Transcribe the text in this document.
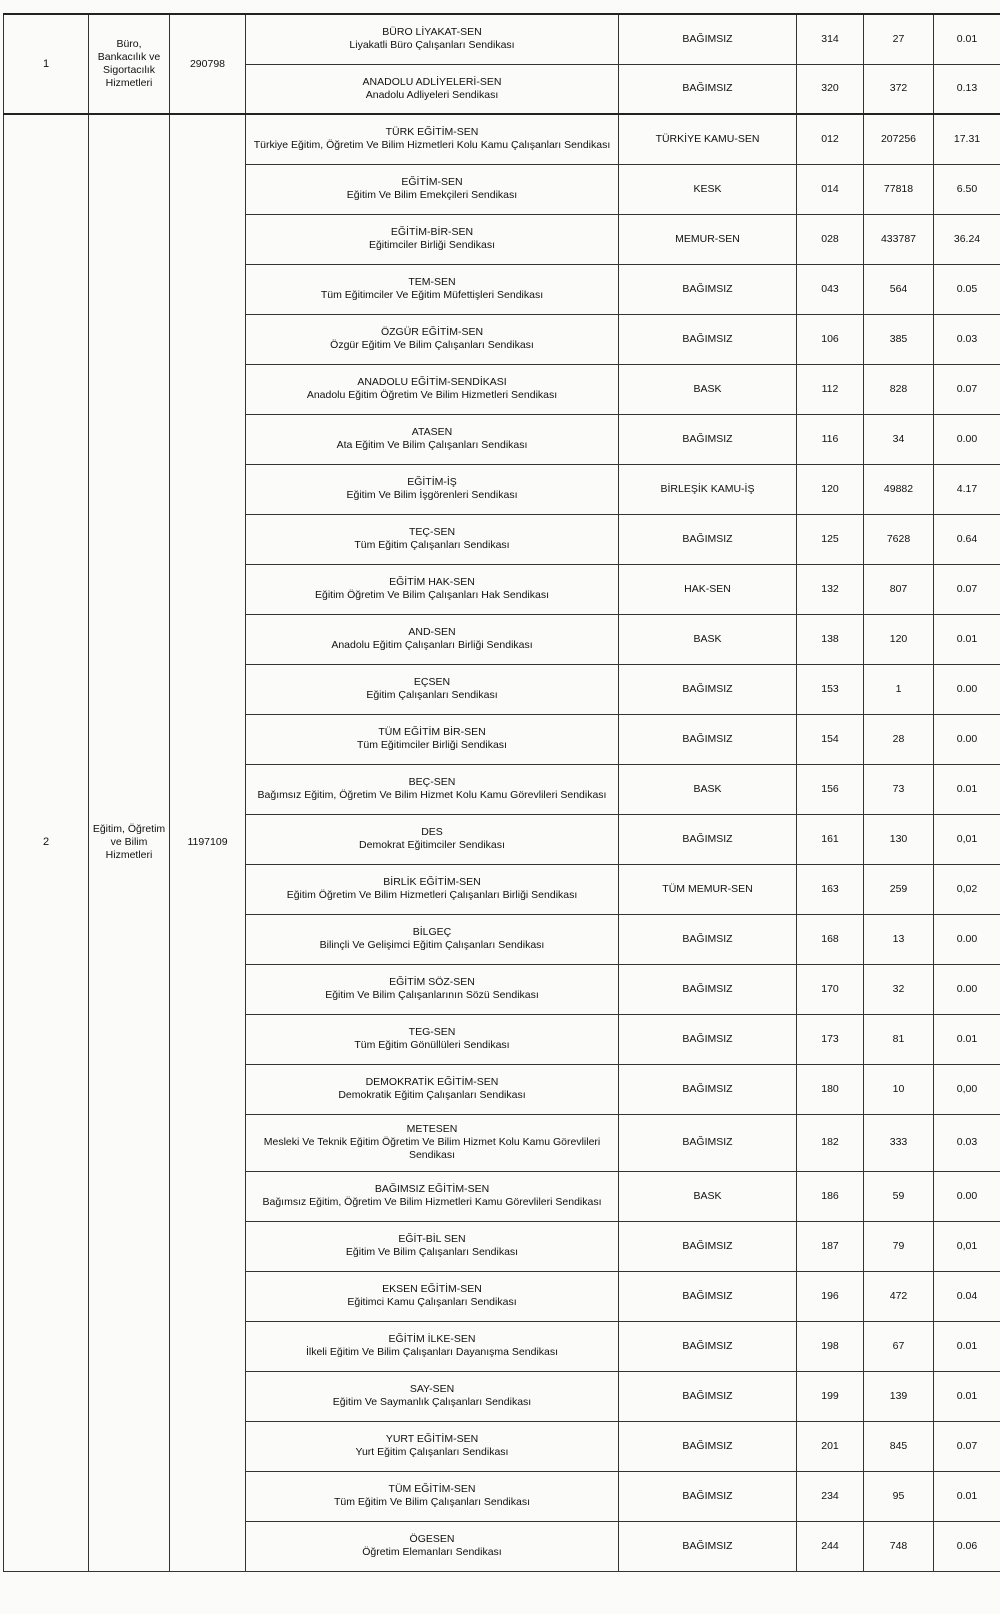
1	Büro, Bankacılık ve Sigortacılık Hizmetleri	290798	BÜRO LİYAKAT-SEN
Liyakatli Büro Çalışanları Sendikası	BAĞIMSIZ	314	27	0.01

			ANADOLU ADLİYELERİ-SEN
Anadolu Adliyeleri Sendikası	BAĞIMSIZ	320	372	0.13
2	Eğitim, Öğretim ve Bilim Hizmetleri	1197109	TÜRK EĞİTİM-SEN
Türkiye Eğitim, Öğretim Ve Bilim Hizmetleri Kolu Kamu Çalışanları Sendikası	TÜRKİYE KAMU-SEN	012	207256	17.31

			EĞİTİM-SEN
Eğitim Ve Bilim Emekçileri Sendikası	KESK	014	77818	6.50

			EĞİTİM-BİR-SEN
Eğitimciler Birliği Sendikası	MEMUR-SEN	028	433787	36.24

			TEM-SEN
Tüm Eğitimciler Ve Eğitim Müfettişleri Sendikası	BAĞIMSIZ	043	564	0.05

			ÖZGÜR EĞİTİM-SEN
Özgür Eğitim Ve Bilim Çalışanları Sendikası	BAĞIMSIZ	106	385	0.03

			ANADOLU EĞİTİM-SENDİKASI
Anadolu Eğitim Öğretim Ve Bilim Hizmetleri Sendikası	BASK	112	828	0.07

			ATASEN
Ata Eğitim Ve Bilim Çalışanları Sendikası	BAĞIMSIZ	116	34	0.00

			EĞİTİM-İŞ
Eğitim Ve Bilim İşgörenleri Sendikası	BİRLEŞİK KAMU-İŞ	120	49882	4.17

			TEÇ-SEN
Tüm Eğitim Çalışanları Sendikası	BAĞIMSIZ	125	7628	0.64

			EĞİTİM HAK-SEN
Eğitim Öğretim Ve Bilim Çalışanları Hak Sendikası	HAK-SEN	132	807	0.07

			AND-SEN
Anadolu Eğitim Çalışanları Birliği Sendikası	BASK	138	120	0.01

			EÇSEN
Eğitim Çalışanları Sendikası	BAĞIMSIZ	153	1	0.00

			TÜM EĞİTİM BİR-SEN
Tüm Eğitimciler Birliği Sendikası	BAĞIMSIZ	154	28	0.00

			BEÇ-SEN
Bağımsız Eğitim, Öğretim Ve Bilim Hizmet Kolu Kamu Görevlileri Sendikası	BASK	156	73	0.01

			DES
Demokrat Eğitimciler Sendikası	BAĞIMSIZ	161	130	0,01

			BİRLİK EĞİTİM-SEN
Eğitim Öğretim Ve Bilim Hizmetleri Çalışanları Birliği Sendikası	TÜM MEMUR-SEN	163	259	0,02

			BİLGEÇ
Bilinçli Ve Gelişimci Eğitim Çalışanları Sendikası	BAĞIMSIZ	168	13	0.00

			EĞİTİM SÖZ-SEN
Eğitim Ve Bilim Çalışanlarının Sözü Sendikası	BAĞIMSIZ	170	32	0.00

			TEG-SEN
Tüm Eğitim Gönüllüleri Sendikası	BAĞIMSIZ	173	81	0.01

			DEMOKRATİK EĞİTİM-SEN
Demokratik Eğitim Çalışanları Sendikası	BAĞIMSIZ	180	10	0,00

			METESEN
Mesleki Ve Teknik Eğitim Öğretim Ve Bilim Hizmet Kolu Kamu Görevlileri Sendikası	BAĞIMSIZ	182	333	0.03

			BAĞIMSIZ EĞİTİM-SEN
Bağımsız Eğitim, Öğretim Ve Bilim Hizmetleri Kamu Görevlileri Sendikası	BASK	186	59	0.00

			EĞİT-BİL SEN
Eğitim Ve Bilim Çalışanları Sendikası	BAĞIMSIZ	187	79	0,01

			EKSEN EĞİTİM-SEN
Eğitimci Kamu Çalışanları Sendikası	BAĞIMSIZ	196	472	0.04

			EĞİTİM İLKE-SEN
İlkeli Eğitim Ve Bilim Çalışanları Dayanışma Sendikası	BAĞIMSIZ	198	67	0.01

			SAY-SEN
Eğitim Ve Saymanlık Çalışanları Sendikası	BAĞIMSIZ	199	139	0.01

			YURT EĞİTİM-SEN
Yurt Eğitim Çalışanları Sendikası	BAĞIMSIZ	201	845	0.07

			TÜM EĞİTİM-SEN
Tüm Eğitim Ve Bilim Çalışanları Sendikası	BAĞIMSIZ	234	95	0.01

			ÖGESEN
Öğretim Elemanları Sendikası	BAĞIMSIZ	244	748	0.06
